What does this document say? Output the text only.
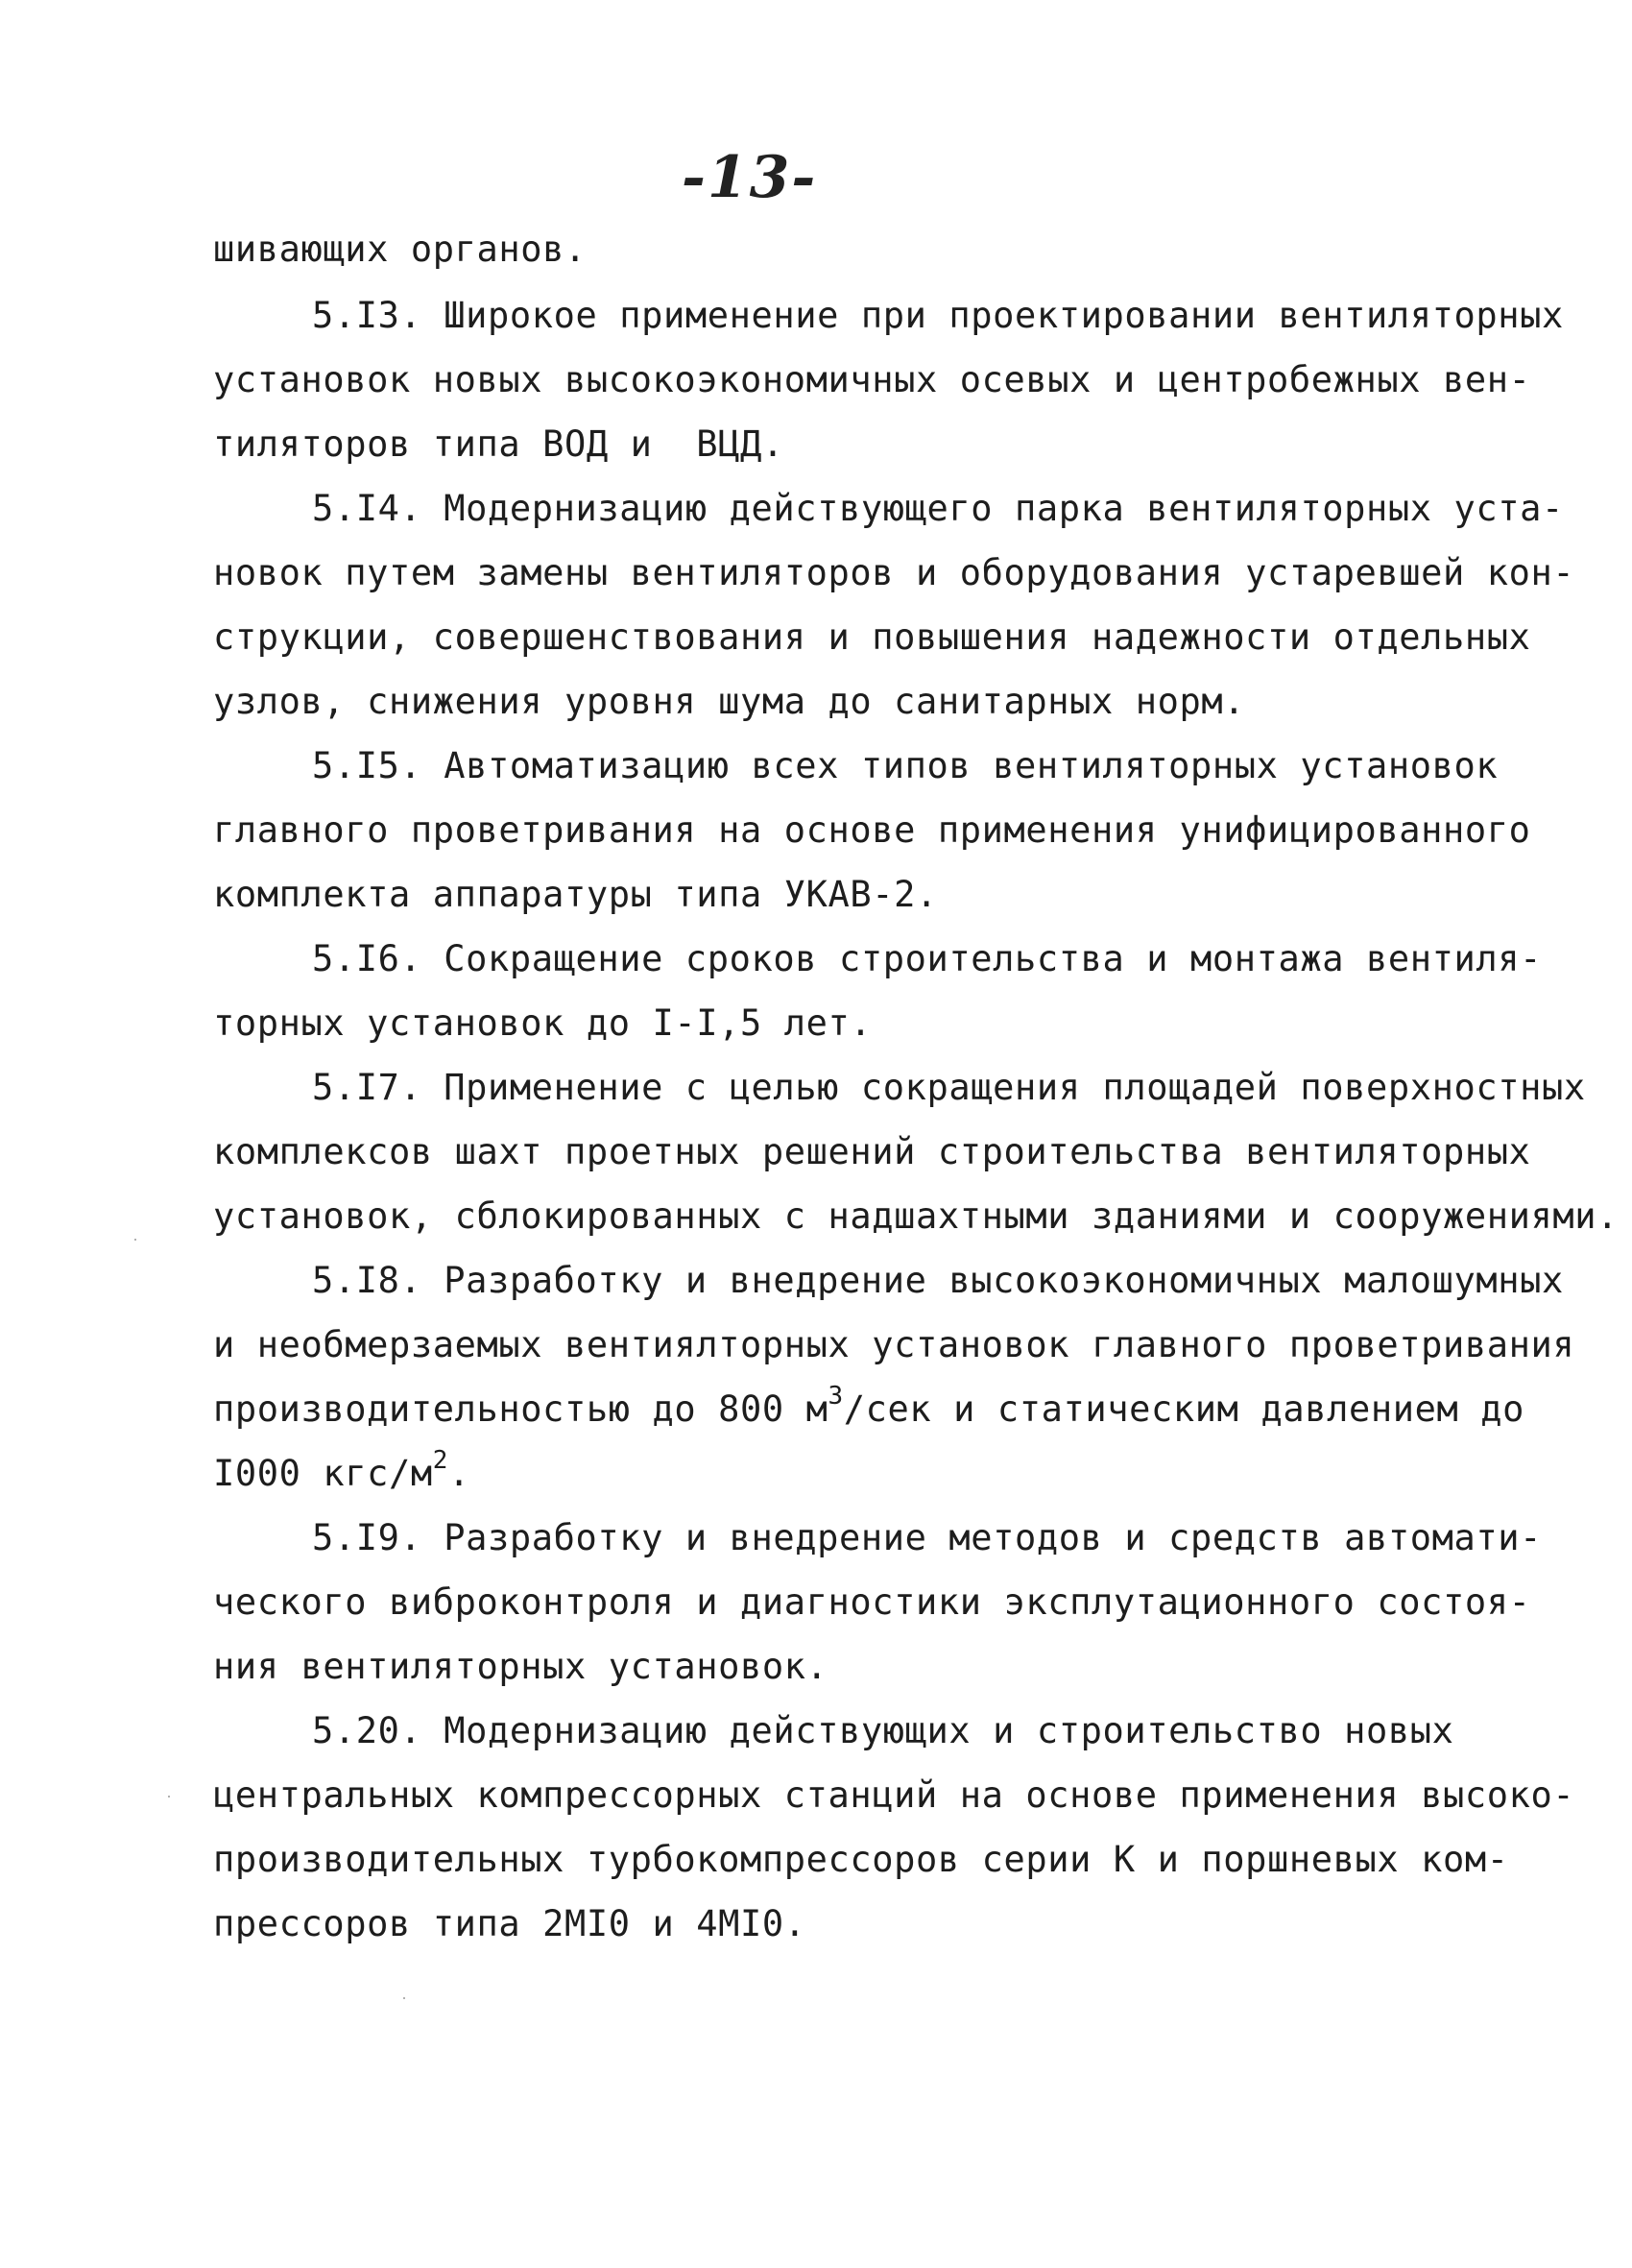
-13-
шивающих органов.
5.I3. Широкое применение при проектировании вентиляторных
установок новых высокоэкономичных осевых и центробежных вен-
тиляторов типа ВОД и  ВЦД.
5.I4. Модернизацию действующего парка вентиляторных уста-
новок путем замены вентиляторов и оборудования устаревшей кон-
струкции, совершенствования и повышения надежности отдельных
узлов, снижения уровня шума до санитарных норм.
5.I5. Автоматизацию всех типов вентиляторных установок
главного проветривания на основе применения унифицированного
комплекта аппаратуры типа УКАВ-2.
5.I6. Сокращение сроков строительства и монтажа вентиля-
торных установок до I-I,5 лет.
5.I7. Применение с целью сокращения площадей поверхностных
комплексов шахт проетных решений строительства вентиляторных
установок, сблокированных с надшахтными зданиями и сооружениями.
5.I8. Разработку и внедрение высокоэкономичных малошумных
и необмерзаемых вентиялторных установок главного проветривания
производительностью до 800 $м^3$/сек и статическим давлением до
I000 кгс/$м^2$.
5.I9. Разработку и внедрение методов и средств автомати-
ческого виброконтроля и диагностики эксплутационного состоя-
ния вентиляторных установок.
5.20. Модернизацию действующих и строительство новых
центральных компрессорных станций на основе применения высоко-
производительных турбокомпрессоров серии К и поршневых ком-
прессоров типа 2МI0 и 4МI0.
